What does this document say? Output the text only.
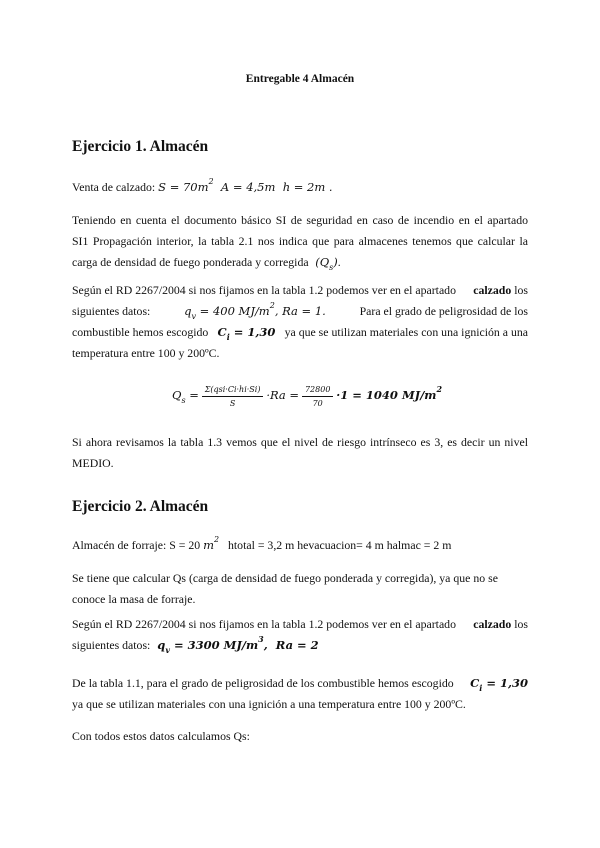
Entregable 4 Almacén
Ejercicio 1. Almacén
Venta de calzado: $S = 70m^2$  A = 4,5m  h = 2m .
Teniendo en cuenta el documento básico SI de seguridad en caso de incendio en el apartado
SI1 Propagación interior, la tabla 2.1 nos indica que para almacenes tenemos que calcular la
carga de densidad de fuego ponderada y corregida  $(Q_s)$.
Según el RD 2267/2004 si nos fijamos en la tabla 1.2 podemos ver en el apartado calzado los
siguientes datos:	$q_v = 400$ $MJ/m^2$, Ra = 1.	Para el grado de peligrosidad de los
combustible hemos escogido $C_i = 1,30$ ya que se utilizan materiales con una ignición a una
temperatura entre 100 y 200ºC.
$Q_s = \frac{\text{Σ(qsi·Ci·hi·Si)}}{S} \cdot Ra = \frac{72800}{70} \cdot 1 = 1040$ $MJ/m^2$
Si ahora revisamos la tabla 1.3 vemos que el nivel de riesgo intrínseco es 3, es decir un nivel
MEDIO.
Ejercicio 2. Almacén
Almacén de forraje: S = 20 $m^2$ htotal = 3,2 m hevacuacion= 4 m halmac = 2 m
Se tiene que calcular Qs (carga de densidad de fuego ponderada y corregida), ya que no se
conoce la masa de forraje.
Según el RD 2267/2004 si nos fijamos en la tabla 1.2 podemos ver en el apartado calzado los
siguientes datos:  $q_v = 3300$ $MJ/m^3$,  Ra = 2
De la tabla 1.1, para el grado de peligrosidad de los combustible hemos escogido $C_i = 1,30$
ya que se utilizan materiales con una ignición a una temperatura entre 100 y 200ºC.
Con todos estos datos calculamos Qs:
